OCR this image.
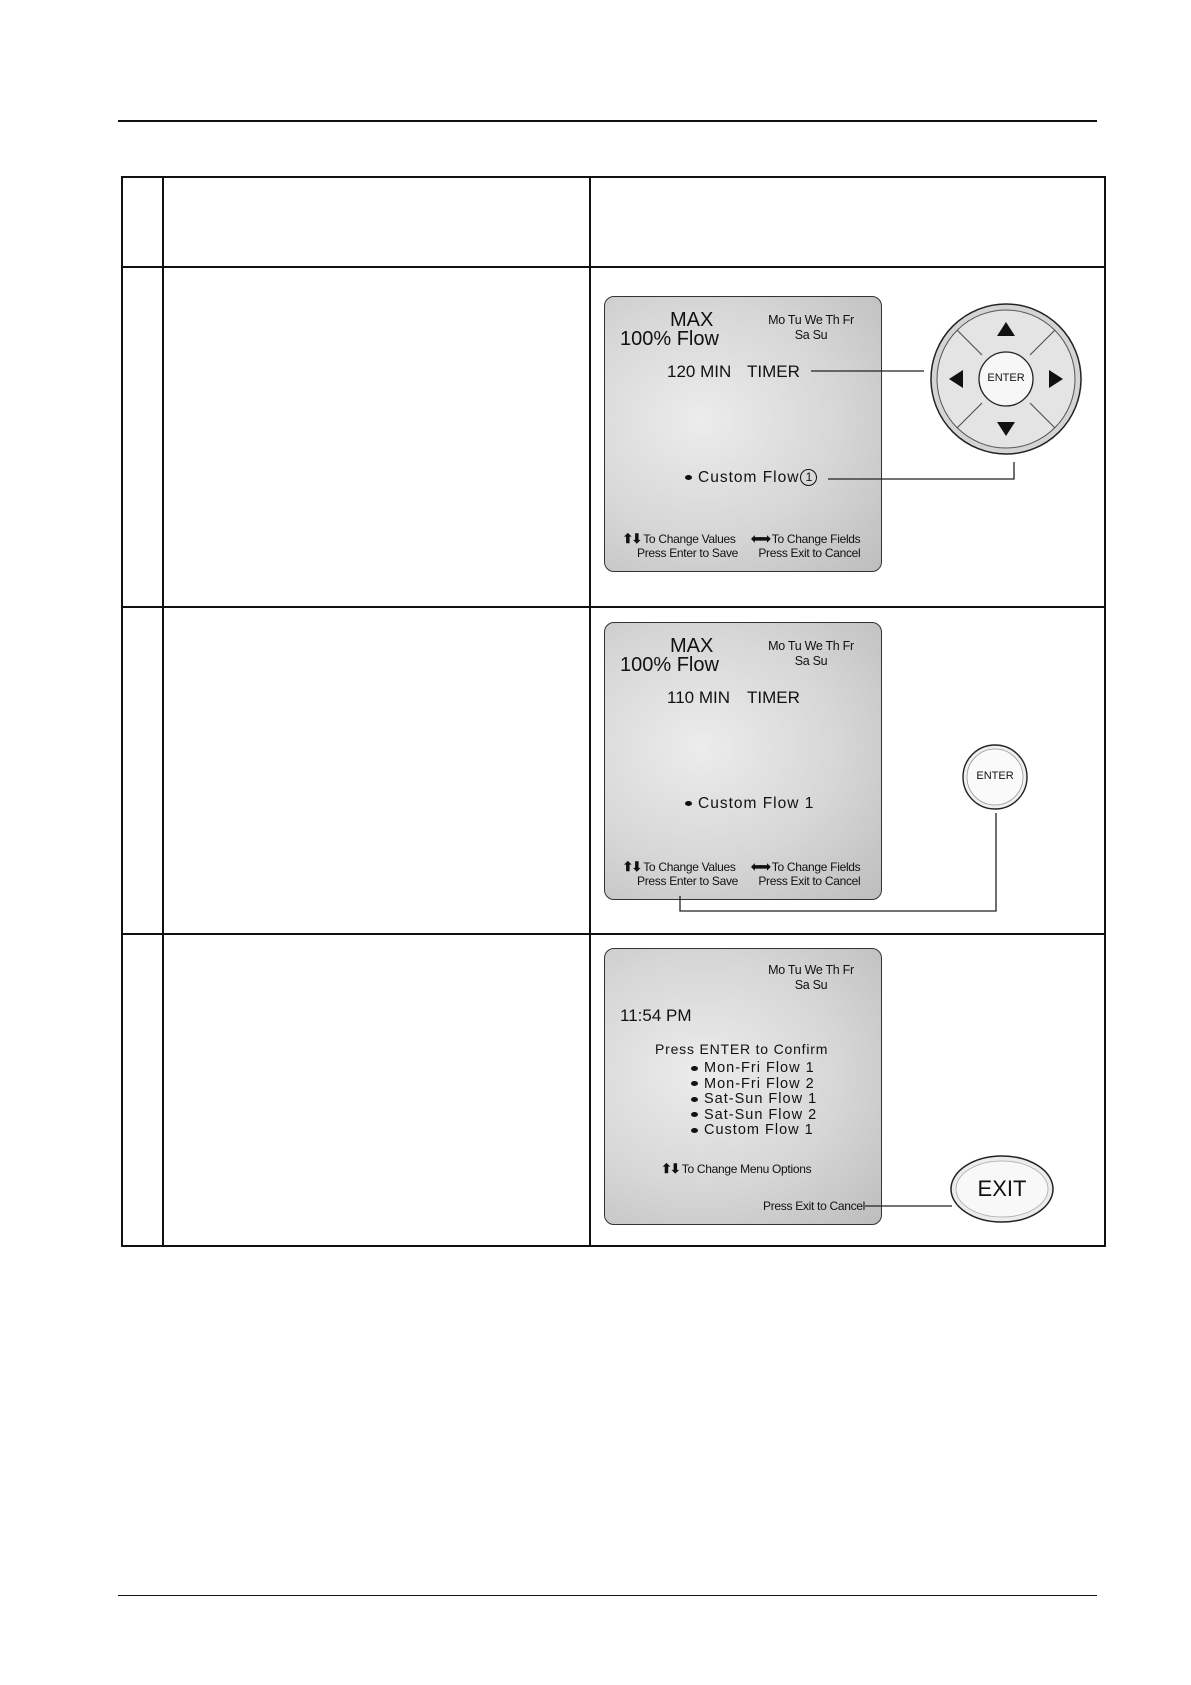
MAX
100% Flow
Mo Tu We Th Fr
Sa Su
120 MIN TIMER
Custom Flow 1
⬆⬇ To Change Values
Press Enter to Save
⬅➡ To Change Fields
Press Exit to Cancel
MAX
100% Flow
Mo Tu We Th Fr
Sa Su
110 MIN TIMER
Custom Flow 1
⬆⬇ To Change Values
Press Enter to Save
⬅➡ To Change Fields
Press Exit to Cancel
Mo Tu We Th Fr
Sa Su
11:54 PM
Press ENTER to Confirm
Mon-Fri Flow 1
Mon-Fri Flow 2
Sat-Sun Flow 1
Sat-Sun Flow 2
Custom Flow 1
⬆⬇ To Change Menu Options
Press Exit to Cancel
ENTER
ENTER
EXIT
